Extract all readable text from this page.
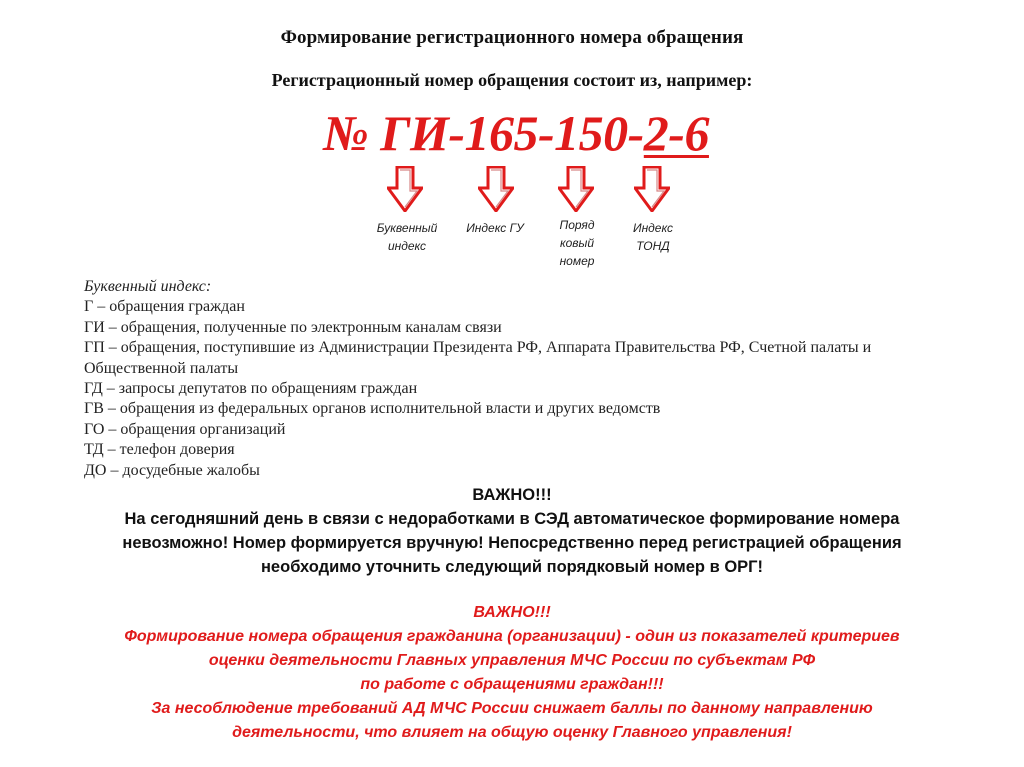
Формирование регистрационного номера обращения
Регистрационный номер обращения состоит из, например:
№ ГИ-165-150-2-6
Буквенный индекс
Индекс ГУ	Поряд ковый номер
Индекс ТОНД
Буквенный индекс:
Г – обращения граждан
ГИ – обращения, полученные по электронным каналам связи
ГП – обращения, поступившие из Администрации Президента РФ, Аппарата Правительства РФ, Счетной палаты и
Общественной палаты
ГД – запросы депутатов по обращениям граждан
ГВ – обращения из федеральных органов исполнительной власти и других ведомств
ГО – обращения организаций
ТД – телефон доверия
ДО – досудебные жалобы
ВАЖНО!!!
На сегодняшний день в связи с недоработками в СЭД автоматическое формирование номера
невозможно! Номер формируется вручную! Непосредственно перед регистрацией обращения
необходимо уточнить следующий порядковый номер в ОРГ!
ВАЖНО!!!
Формирование номера обращения гражданина (организации) - один из показателей критериев
оценки деятельности Главных управления МЧС России по субъектам РФ
по работе с обращениями граждан!!!
За несоблюдение требований АД МЧС России снижает баллы по данному направлению
деятельности, что влияет на общую оценку Главного управления!
